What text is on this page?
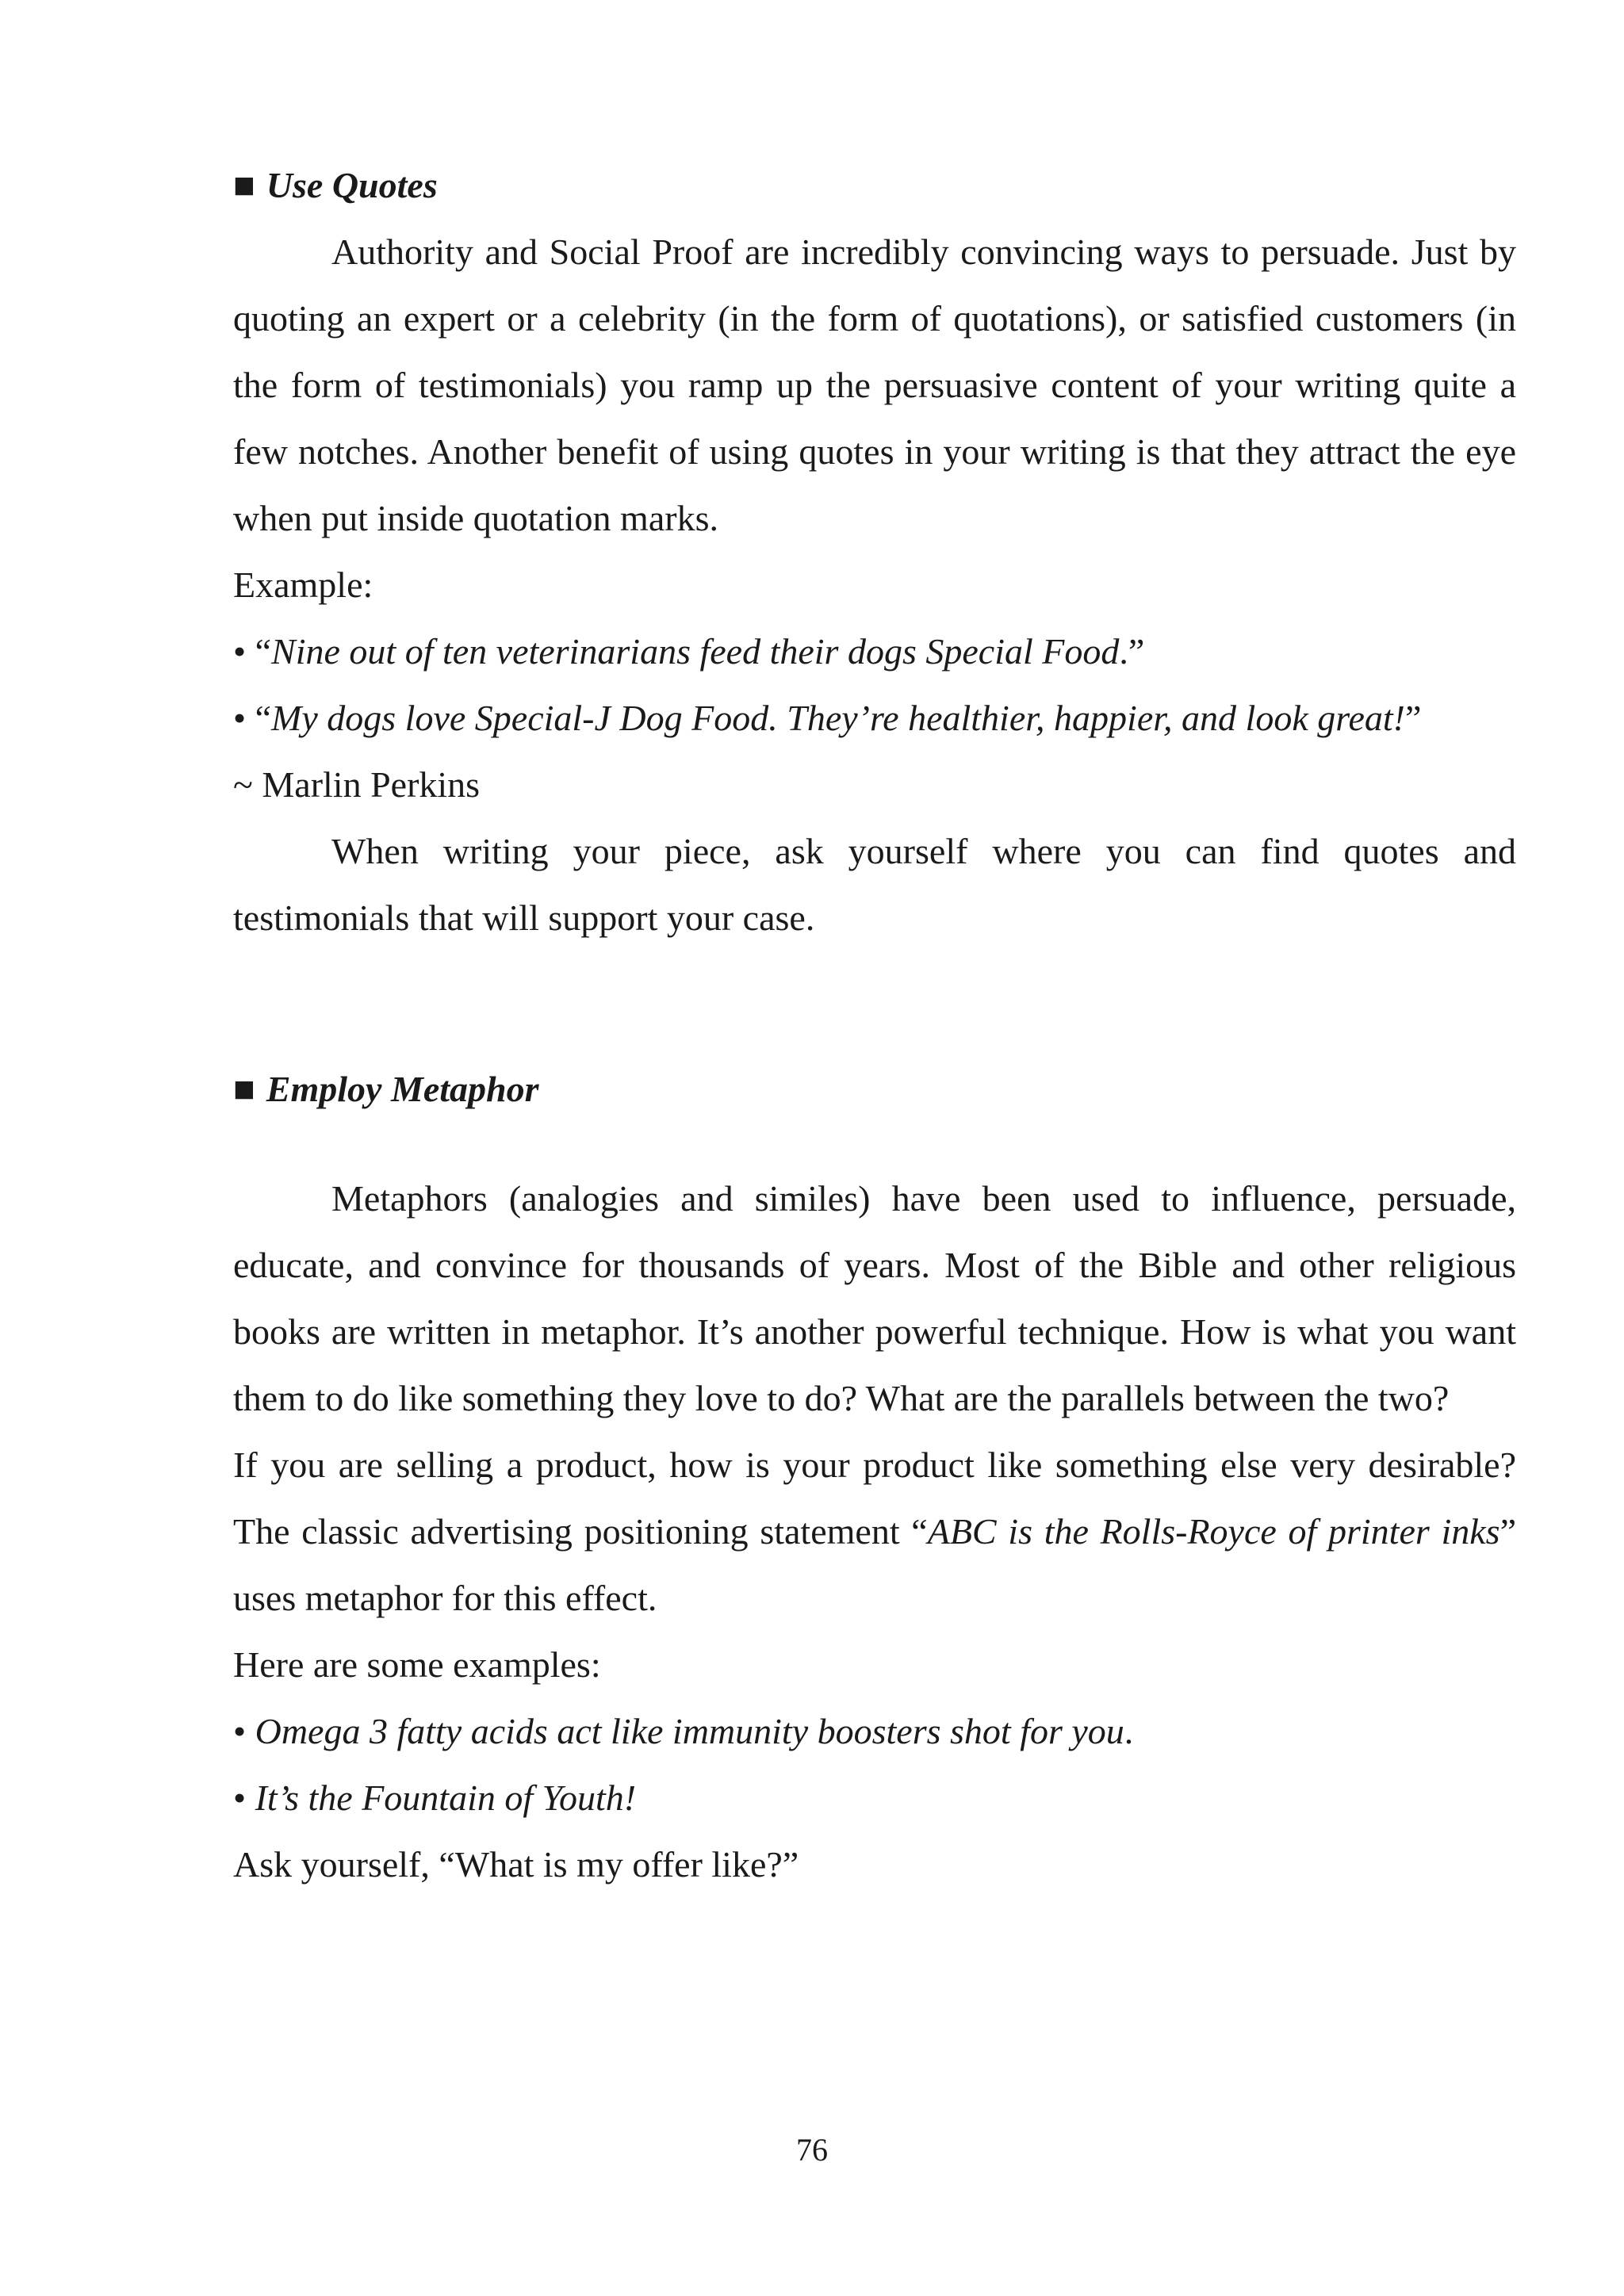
■ Use Quotes

Authority and Social Proof are incredibly convincing ways to persuade. Just by quoting an expert or a celebrity (in the form of quotations), or satisfied customers (in the form of testimonials) you ramp up the persuasive content of your writing quite a few notches. Another benefit of using quotes in your writing is that they attract the eye when put inside quotation marks.

Example:
• “Nine out of ten veterinarians feed their dogs Special Food.”
• “My dogs love Special-J Dog Food. They’re healthier, happier, and look great!”
~ Marlin Perkins

When writing your piece, ask yourself where you can find quotes and testimonials that will support your case.

■ Employ Metaphor

Metaphors (analogies and similes) have been used to influence, persuade, educate, and convince for thousands of years. Most of the Bible and other religious books are written in metaphor. It’s another powerful technique. How is what you want them to do like something they love to do? What are the parallels between the two?

If you are selling a product, how is your product like something else very desirable? The classic advertising positioning statement “ABC is the Rolls-Royce of printer inks” uses metaphor for this effect.

Here are some examples:
• Omega 3 fatty acids act like immunity boosters shot for you.
• It’s the Fountain of Youth!
Ask yourself, “What is my offer like?”
76
